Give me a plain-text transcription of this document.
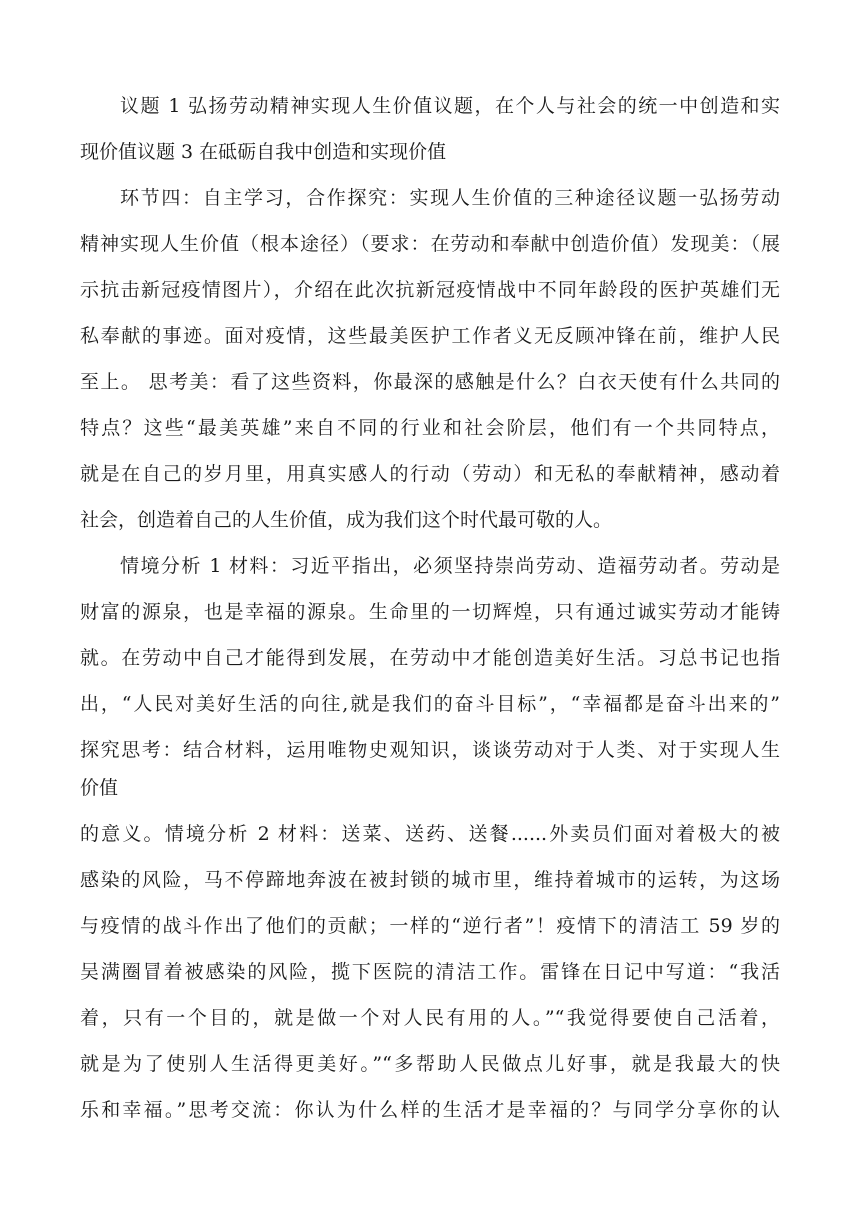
议题 1 弘扬劳动精神实现人生价值议题，在个人与社会的统一中创造和实
现价值议题 3 在砥砺自我中创造和实现价值
环节四：自主学习，合作探究：实现人生价值的三种途径议题一弘扬劳动
精神实现人生价值（根本途径）（要求：在劳动和奉献中创造价值）发现美：（展
示抗击新冠疫情图片），介绍在此次抗新冠疫情战中不同年龄段的医护英雄们无
私奉献的事迹。面对疫情，这些最美医护工作者义无反顾冲锋在前，维护人民
至上。 思考美：看了这些资料，你最深的感触是什么？白衣天使有什么共同的
特点？这些“最美英雄”来自不同的行业和社会阶层，他们有一个共同特点，
就是在自己的岁月里，用真实感人的行动（劳动）和无私的奉献精神，感动着
社会，创造着自己的人生价值，成为我们这个时代最可敬的人。
情境分析 1 材料：习近平指出，必须坚持崇尚劳动、造福劳动者。劳动是
财富的源泉，也是幸福的源泉。生命里的一切辉煌，只有通过诚实劳动才能铸
就。在劳动中自己才能得到发展，在劳动中才能创造美好生活。习总书记也指
出，“人民对美好生活的向往,就是我们的奋斗目标”，“幸福都是奋斗出来的”
探究思考：结合材料，运用唯物史观知识，谈谈劳动对于人类、对于实现人生
价值
的意义。情境分析 2 材料：送菜、送药、送餐......外卖员们面对着极大的被
感染的风险，马不停蹄地奔波在被封锁的城市里，维持着城市的运转，为这场
与疫情的战斗作出了他们的贡献；一样的“逆行者”！疫情下的清洁工 59 岁的
吴满圈冒着被感染的风险，揽下医院的清洁工作。雷锋在日记中写道：“我活
着，只有一个目的，就是做一个对人民有用的人。”“我觉得要使自己活着，
就是为了使别人生活得更美好。”“多帮助人民做点儿好事，就是我最大的快
乐和幸福。”思考交流：你认为什么样的生活才是幸福的？与同学分享你的认
